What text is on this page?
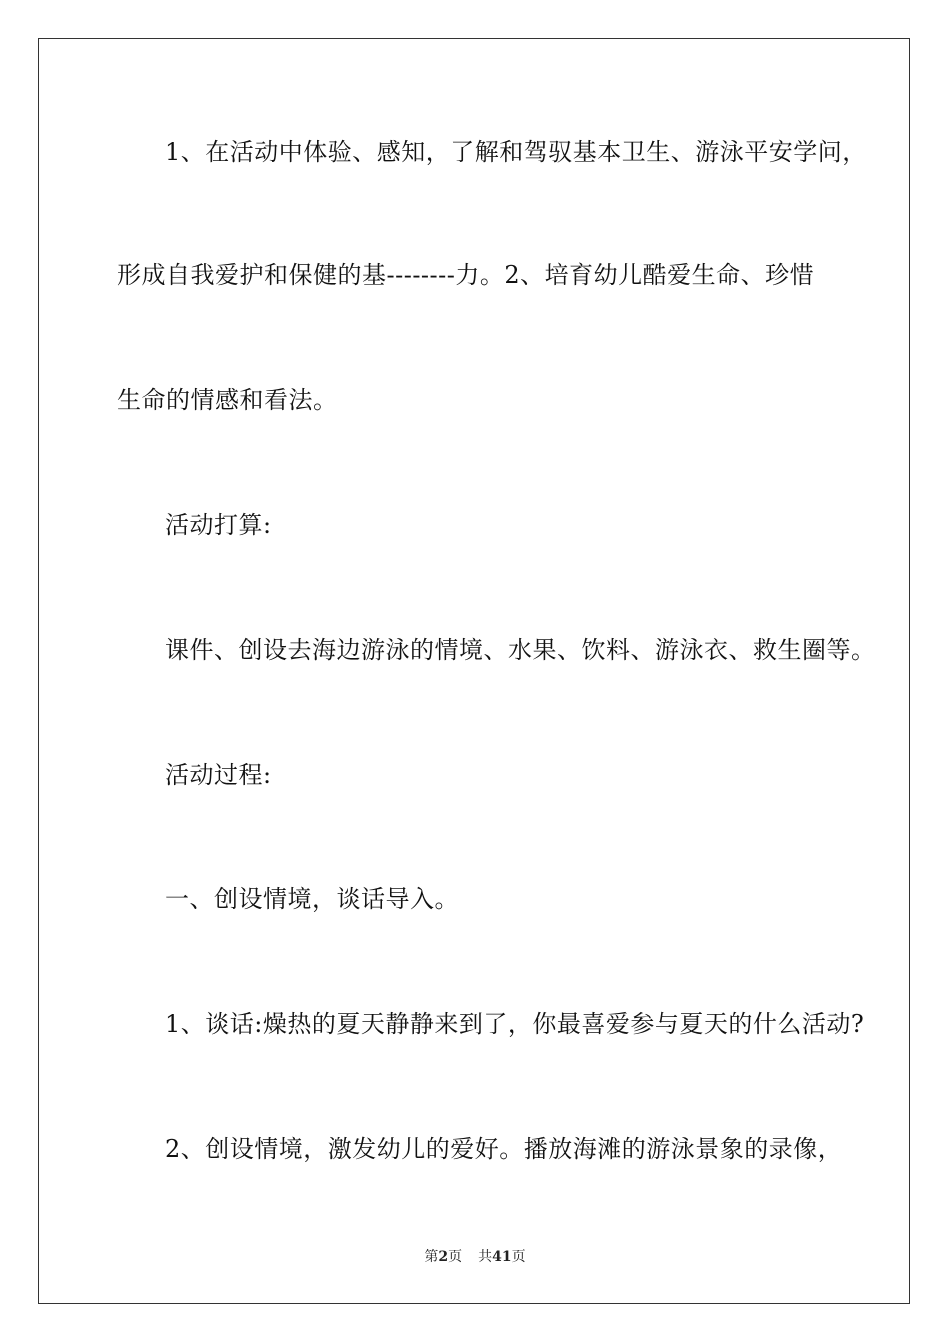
1、在活动中体验、感知，了解和驾驭基本卫生、游泳平安学问，
形成自我爱护和保健的基--------力。2、培育幼儿酷爱生命、珍惜
生命的情感和看法。
活动打算:
课件、创设去海边游泳的情境、水果、饮料、游泳衣、救生圈等。
活动过程:
一、创设情境，谈话导入。
1、谈话:燥热的夏天静静来到了，你最喜爱参与夏天的什么活动?
2、创设情境，激发幼儿的爱好。播放海滩的游泳景象的录像，
第2页 共41页
